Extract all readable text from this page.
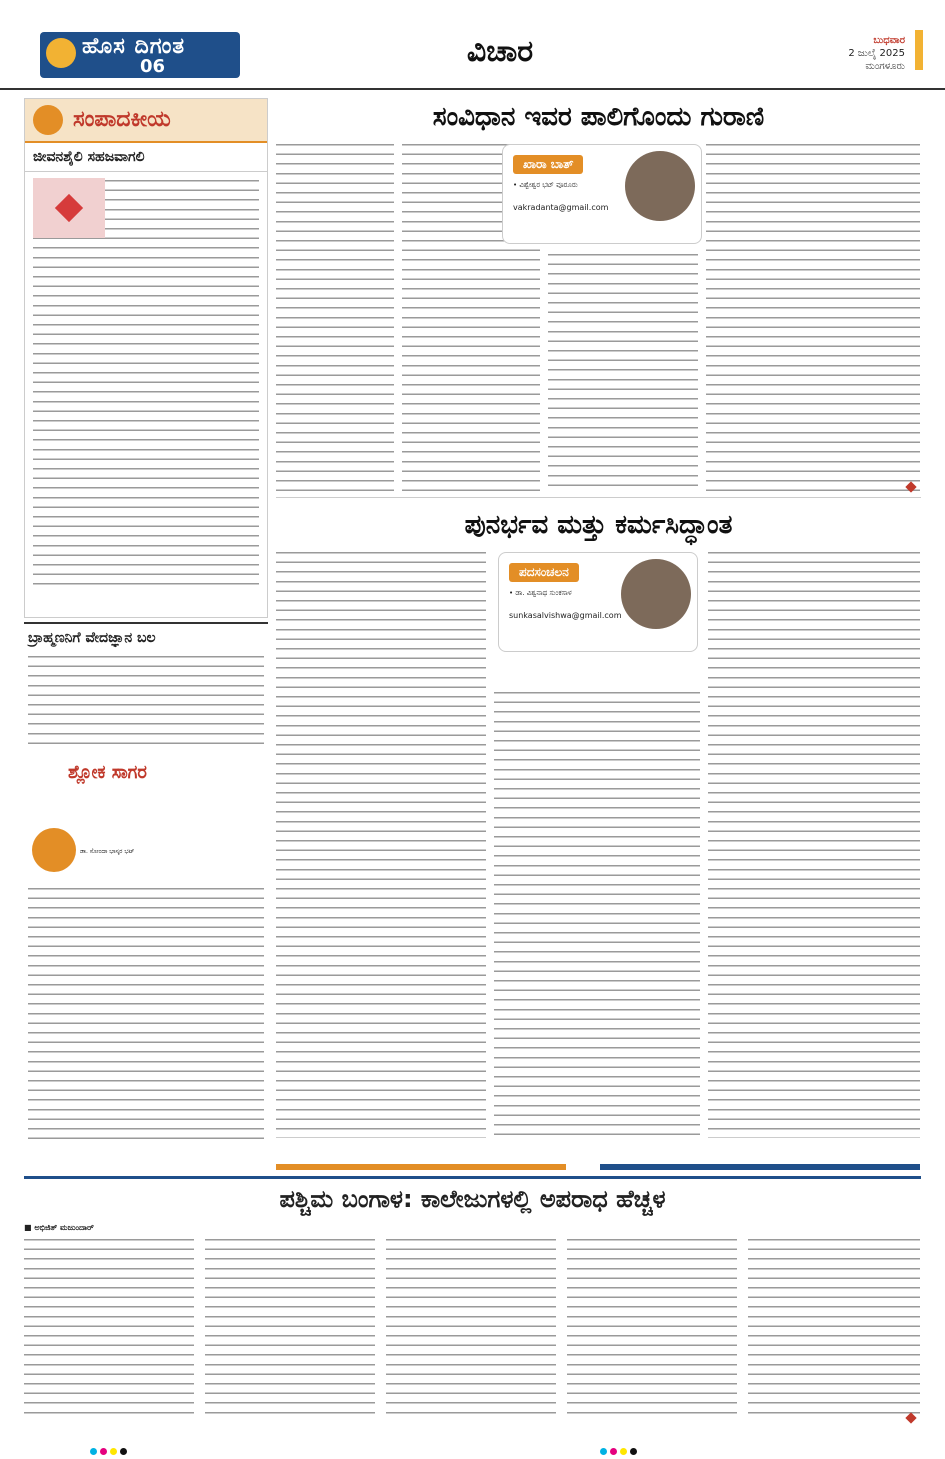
ಹೊಸ ದಿಗಂತ
06	ವಿಚಾರ	ಬುಧವಾರ
2 ಜುಲೈ 2025
ಮಂಗಳೂರು
ಸಂಪಾದಕೀಯ
ಜೀವನಶೈಲಿ ಸಹಜವಾಗಲಿ
ಬ್ರಾಹ್ಮಣನಿಗೆ ವೇದಜ್ಞಾನ ಬಲ
ಶ್ಲೋಕ ಸಾಗರ
ಡಾ. ಸೋಂದಾ ಭಾಸ್ಕರ ಭಟ್
ಸಂವಿಧಾನ ಇವರ ಪಾಲಿಗೊಂದು ಗುರಾಣಿ
ಖಾರಾ ಬಾತ್
• ವಿಶ್ವೇಶ್ವರ ಭಟ್ ವೂರೂರು
vakradanta@gmail.com
ಪುನರ್ಭವ ಮತ್ತು ಕರ್ಮಸಿದ್ಧಾಂತ
ಪದಸಂಚಲನ
• ಡಾ. ವಿಶ್ವನಾಥ ಸುಂಕಸಾಳ
sunkasalvishwa@gmail.com
ಪಶ್ಚಿಮ ಬಂಗಾಳ: ಕಾಲೇಜುಗಳಲ್ಲಿ ಅಪರಾಧ ಹೆಚ್ಚಳ
■ ಅಭಿಜಿತ್ ಮಜುಂದಾರ್
